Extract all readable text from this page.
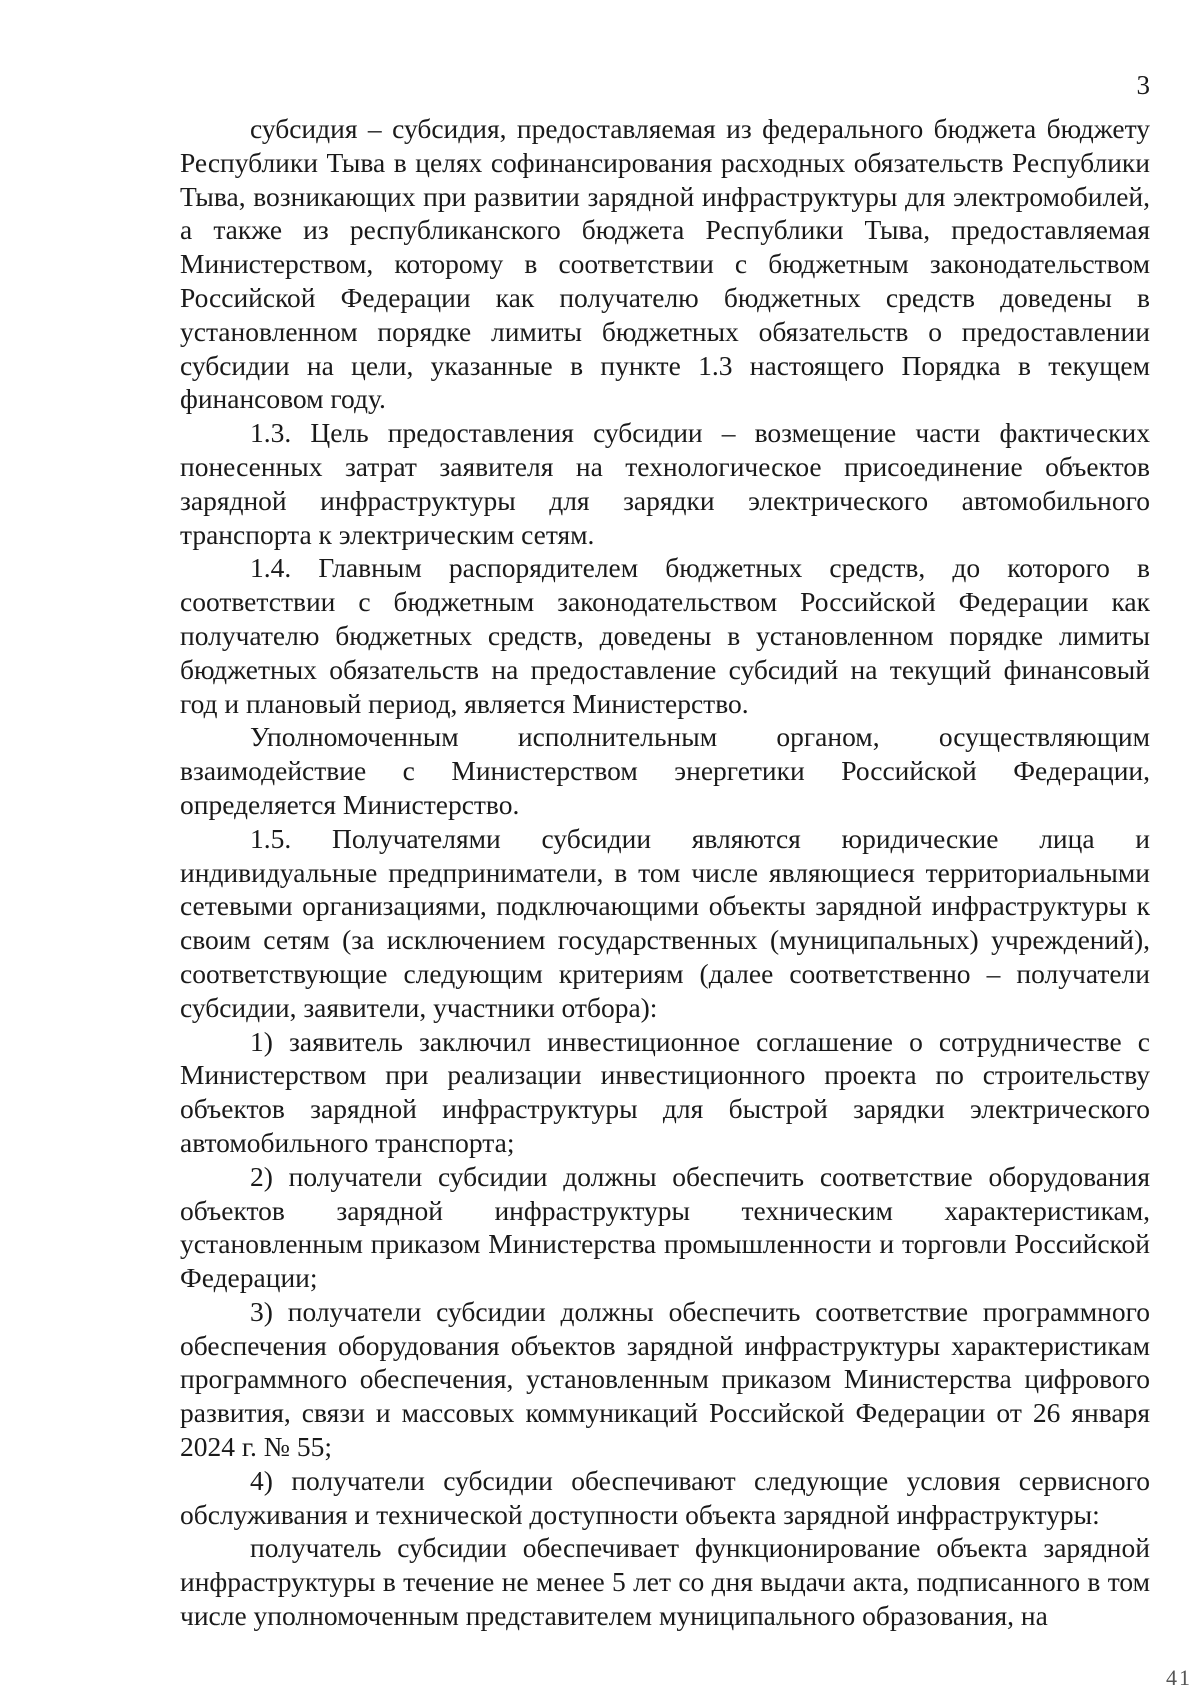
3

субсидия – субсидия, предоставляемая из федерального бюджета бюджету Республики Тыва в целях софинансирования расходных обязательств Республики Тыва, возникающих при развитии зарядной инфраструктуры для электромобилей, а также из республиканского бюджета Республики Тыва, предоставляемая Министерством, которому в соответствии с бюджетным законодательством Российской Федерации как получателю бюджетных средств доведены в установленном порядке лимиты бюджетных обязательств о предоставлении субсидии на цели, указанные в пункте 1.3 настоящего Порядка в текущем финансовом году.

1.3. Цель предоставления субсидии – возмещение части фактических понесенных затрат заявителя на технологическое присоединение объектов зарядной инфраструктуры для зарядки электрического автомобильного транспорта к электрическим сетям.

1.4. Главным распорядителем бюджетных средств, до которого в соответствии с бюджетным законодательством Российской Федерации как получателю бюджетных средств, доведены в установленном порядке лимиты бюджетных обязательств на предоставление субсидий на текущий финансовый год и плановый период, является Министерство.

Уполномоченным исполнительным органом, осуществляющим взаимодействие с Министерством энергетики Российской Федерации, определяется Министерство.

1.5. Получателями субсидии являются юридические лица и индивидуальные предприниматели, в том числе являющиеся территориальными сетевыми организациями, подключающими объекты зарядной инфраструктуры к своим сетям (за исключением государственных (муниципальных) учреждений), соответствующие следующим критериям (далее соответственно – получатели субсидии, заявители, участники отбора):

1) заявитель заключил инвестиционное соглашение о сотрудничестве с Министерством при реализации инвестиционного проекта по строительству объектов зарядной инфраструктуры для быстрой зарядки электрического автомобильного транспорта;

2) получатели субсидии должны обеспечить соответствие оборудования объектов зарядной инфраструктуры техническим характеристикам, установленным приказом Министерства промышленности и торговли Российской Федерации;

3) получатели субсидии должны обеспечить соответствие программного обеспечения оборудования объектов зарядной инфраструктуры характеристикам программного обеспечения, установленным приказом Министерства цифрового развития, связи и массовых коммуникаций Российской Федерации от 26 января 2024 г. № 55;

4) получатели субсидии обеспечивают следующие условия сервисного обслуживания и технической доступности объекта зарядной инфраструктуры:

получатель субсидии обеспечивает функционирование объекта зарядной инфраструктуры в течение не менее 5 лет со дня выдачи акта, подписанного в том числе уполномоченным представителем муниципального образования, на

41
